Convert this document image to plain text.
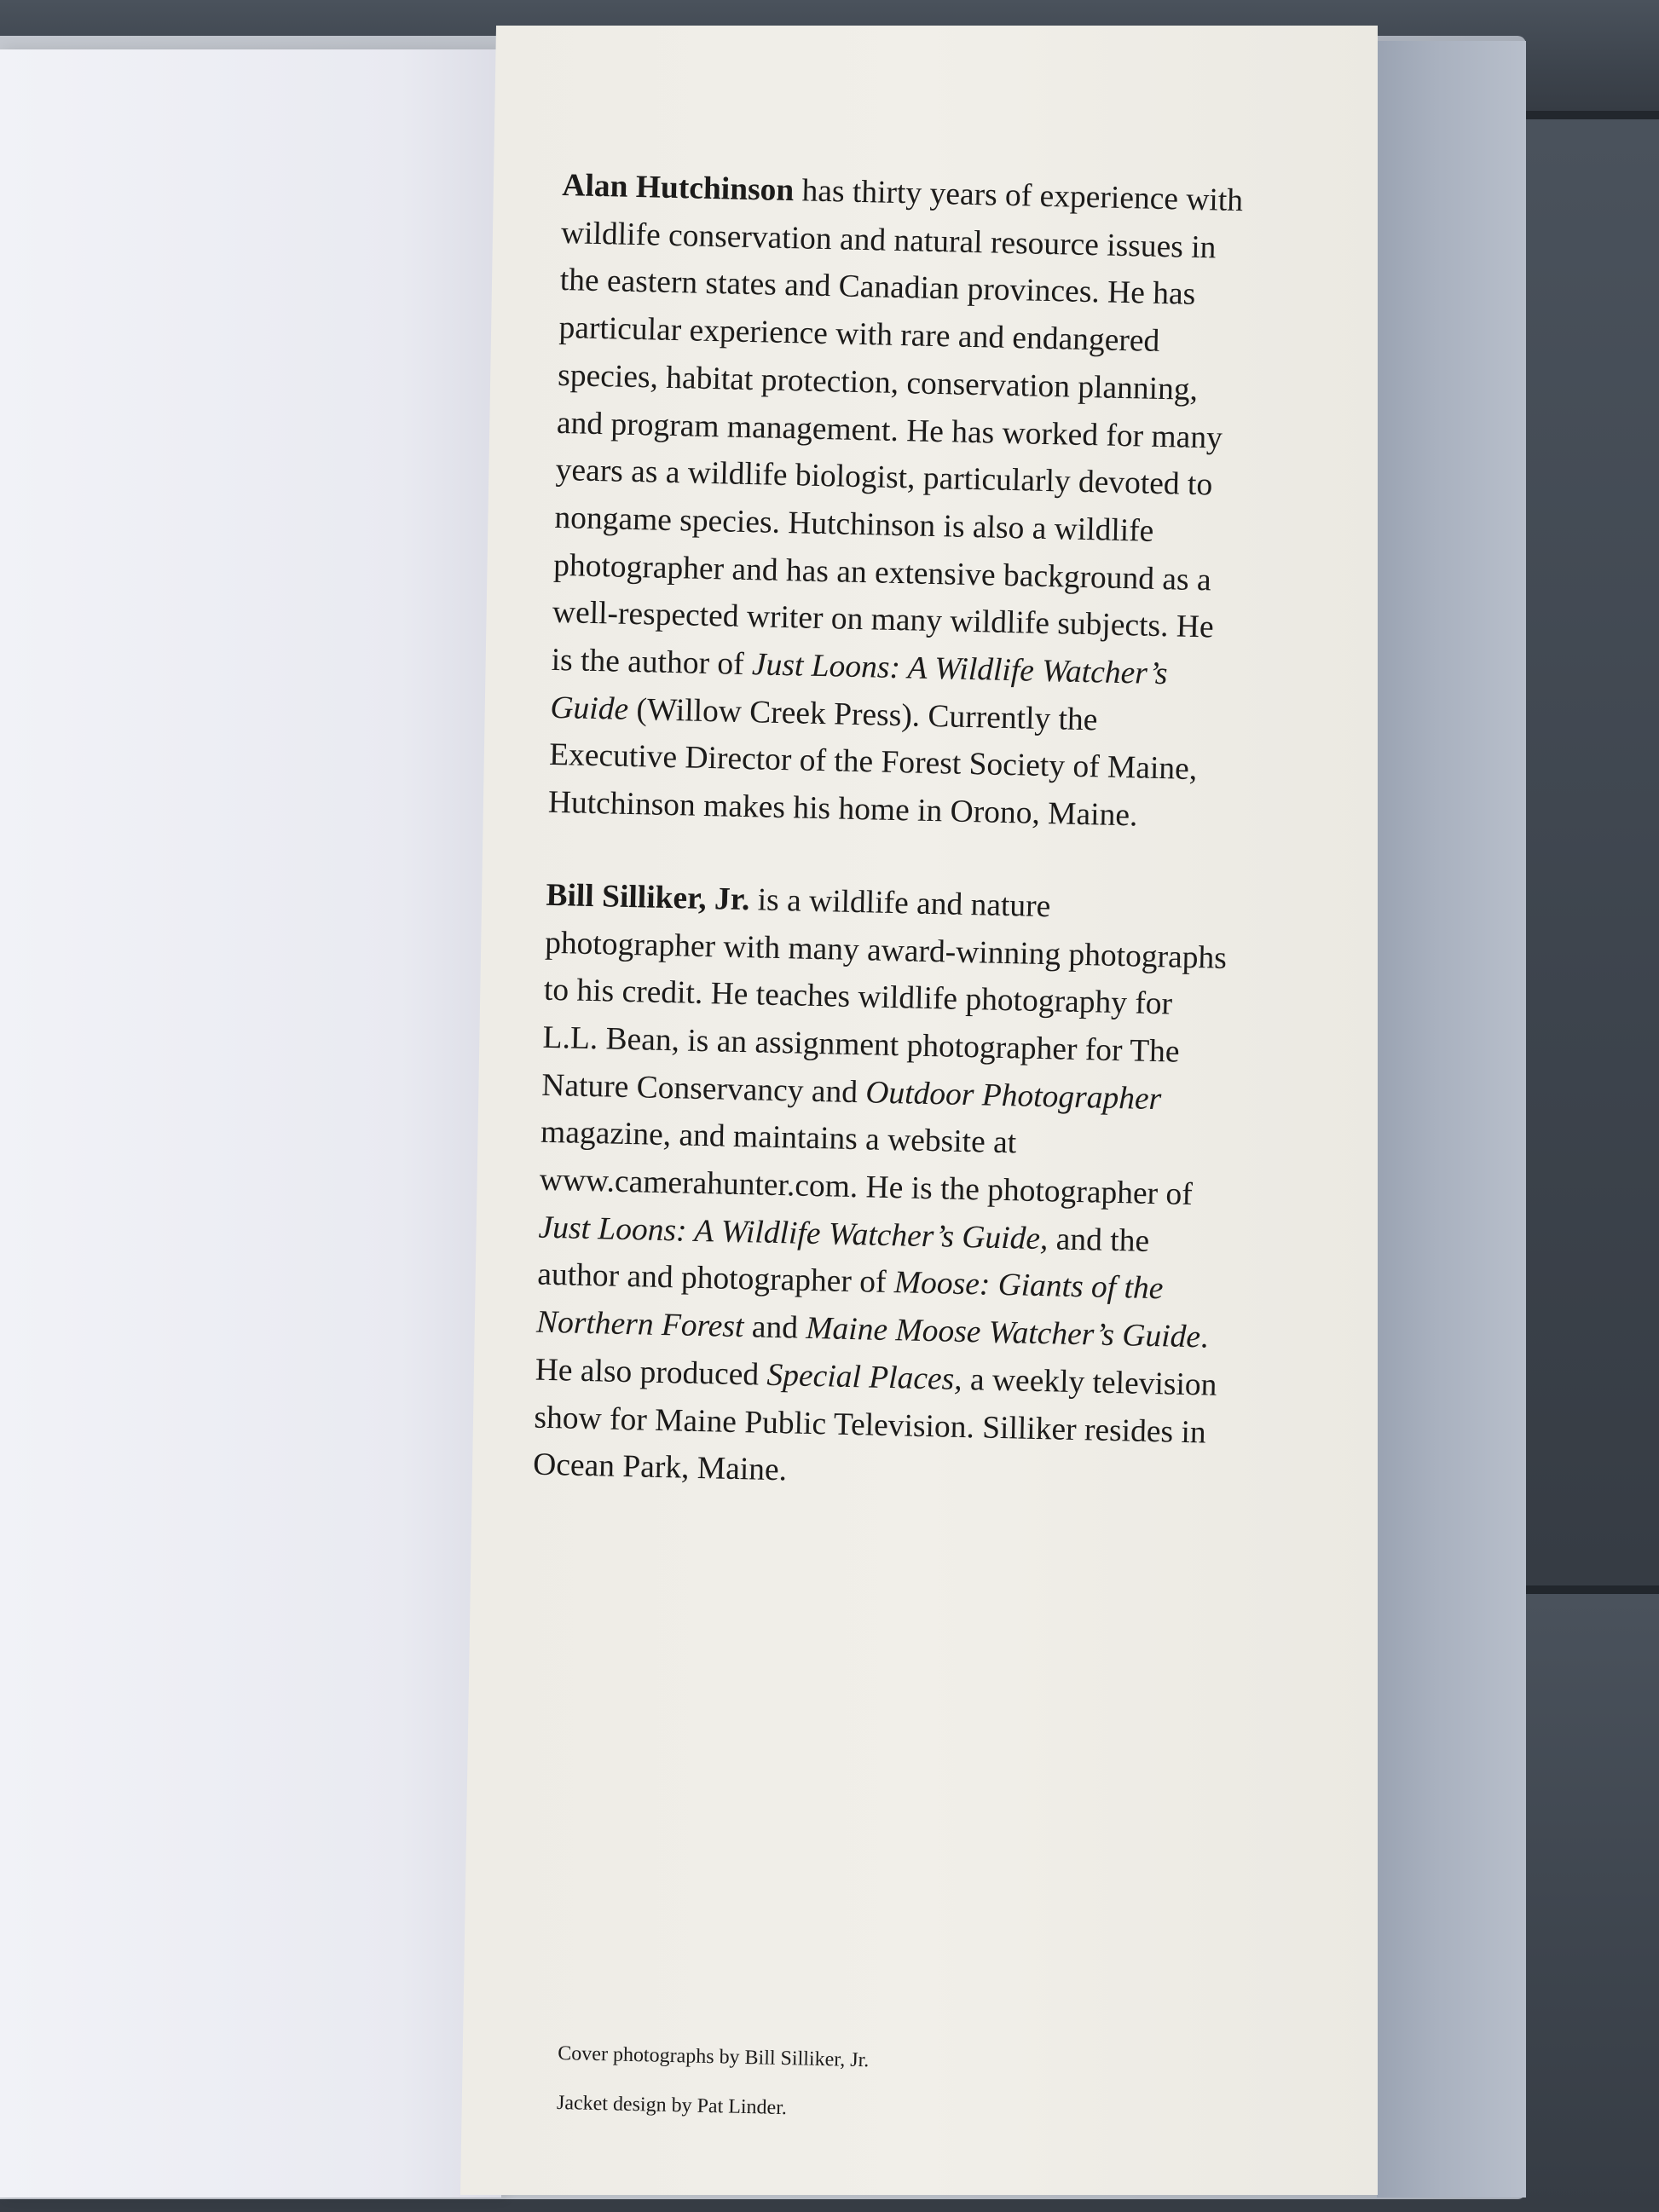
Alan Hutchinson has thirty years of experience with wildlife conservation and natural resource issues in the eastern states and Canadian provinces. He has particular experience with rare and endangered species, habitat protection, conservation planning, and program management. He has worked for many years as a wildlife biologist, particularly devoted to nongame species. Hutchinson is also a wildlife photographer and has an extensive background as a well-respected writer on many wildlife subjects. He is the author of Just Loons: A Wildlife Watcher’s Guide (Willow Creek Press). Currently the Executive Director of the Forest Society of Maine, Hutchinson makes his home in Orono, Maine.

Bill Silliker, Jr. is a wildlife and nature photographer with many award-winning photographs to his credit. He teaches wildlife photography for L.L. Bean, is an assignment photographer for The Nature Conservancy and Outdoor Photographer magazine, and maintains a website at www.camerahunter.com. He is the photographer of Just Loons: A Wildlife Watcher’s Guide, and the author and photographer of Moose: Giants of the Northern Forest and Maine Moose Watcher’s Guide. He also produced Special Places, a weekly television show for Maine Public Television. Silliker resides in Ocean Park, Maine.

Cover photographs by Bill Silliker, Jr.
Jacket design by Pat Linder.
